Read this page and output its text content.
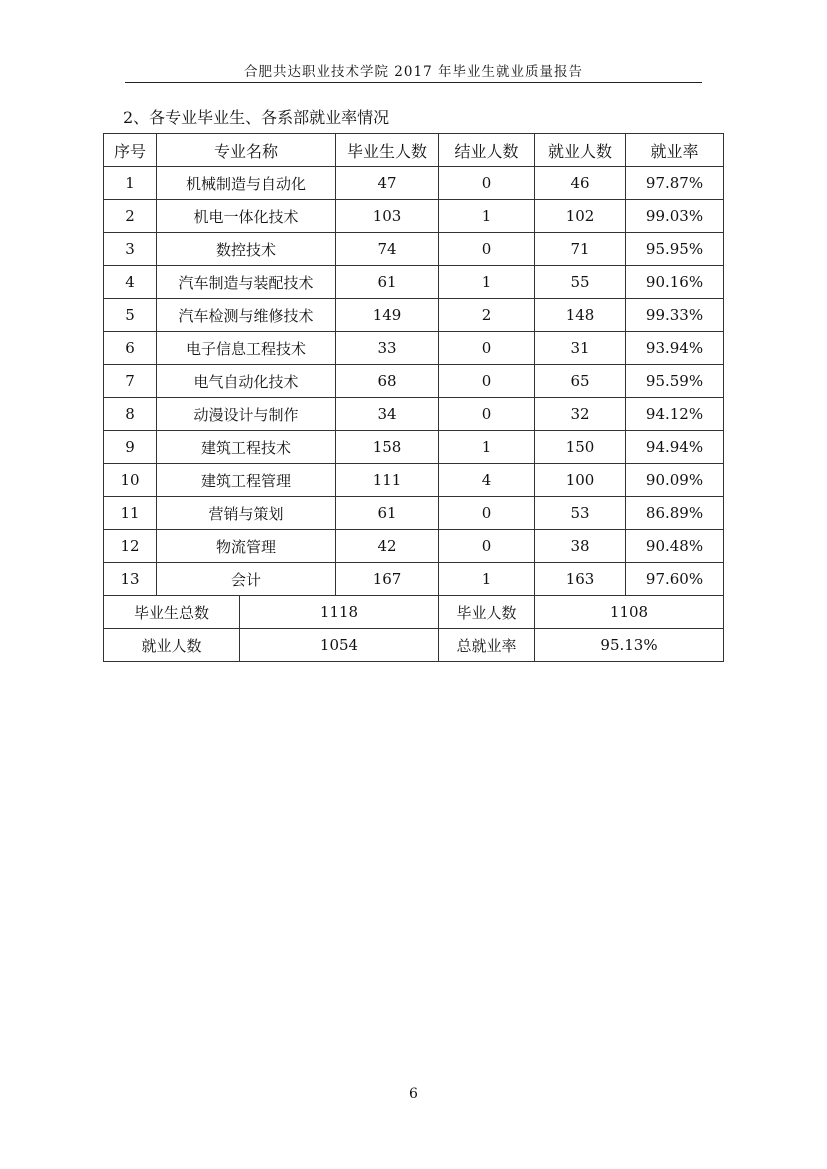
合肥共达职业技术学院 2017 年毕业生就业质量报告
2、各专业毕业生、各系部就业率情况
序号	专业名称		毕业生人数	结业人数	就业人数	就业率
1	机械制造与自动化		47	0	46	97.87%
2	机电一体化技术		103	1	102	99.03%
3	数控技术		74	0	71	95.95%
4	汽车制造与装配技术		61	1	55	90.16%
5	汽车检测与维修技术		149	2	148	99.33%
6	电子信息工程技术		33	0	31	93.94%
7	电气自动化技术		68	0	65	95.59%
8	动漫设计与制作		34	0	32	94.12%
9	建筑工程技术		158	1	150	94.94%
10	建筑工程管理		111	4	100	90.09%
11	营销与策划		61	0	53	86.89%
12	物流管理		42	0	38	90.48%
13	会计		167	1	163	97.60%
毕业生总数		1118		毕业人数	1108	
就业人数		1054		总就业率	95.13%	
6
